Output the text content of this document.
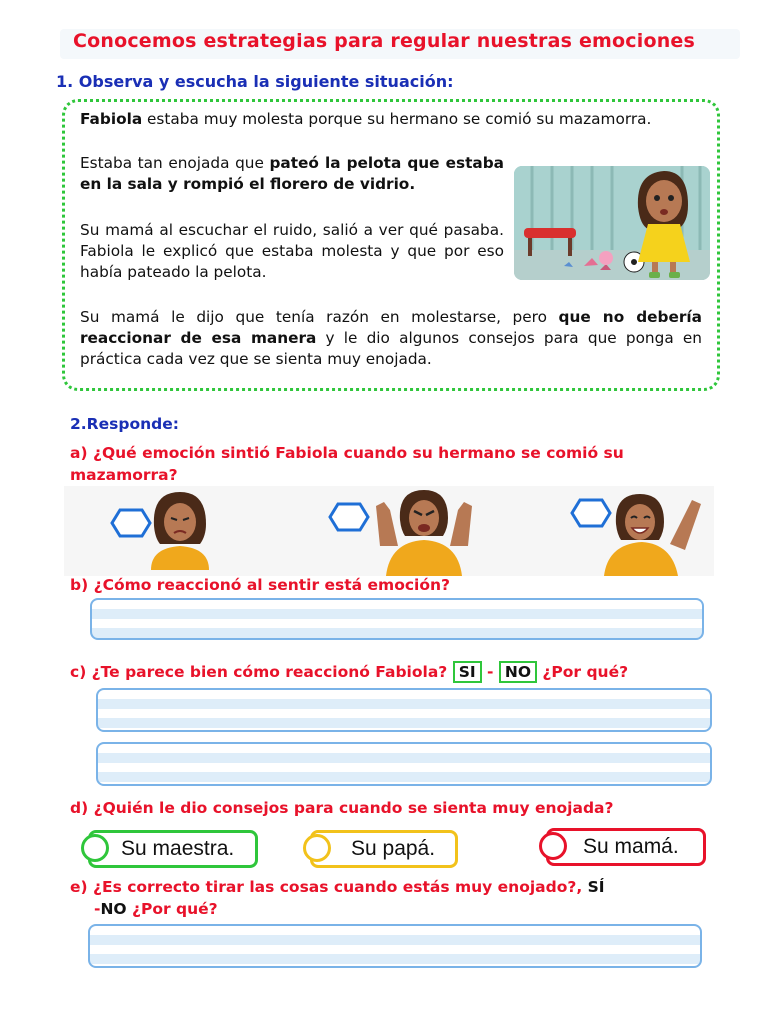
Conocemos estrategias para regular nuestras emociones
1. Observa y escucha la siguiente situación:
Fabiola estaba muy molesta porque su hermano se comió su mazamorra.
Estaba tan enojada que pateó la pelota que estaba en la sala y rompió el florero de vidrio.
Su mamá al escuchar el ruido, salió a ver qué pasaba. Fabiola le explicó que estaba molesta y que por eso había pateado la pelota.
Su mamá le dijo que tenía razón en molestarse, pero que no debería reaccionar de esa manera y le dio algunos consejos para que ponga en práctica cada vez que se sienta muy enojada.
2.Responde:
a) ¿Qué emoción sintió Fabiola cuando su hermano se comió su mazamorra?
b) ¿Cómo reaccionó al sentir está emoción?
c) ¿Te parece bien cómo reaccionó Fabiola? SI - NO ¿Por qué?
d) ¿Quién le dio consejos para cuando se sienta muy enojada?
Su maestra.	Su papá.	Su mamá.
e) ¿Es correcto tirar las cosas cuando estás muy enojado?, SÍ
-NO ¿Por qué?
